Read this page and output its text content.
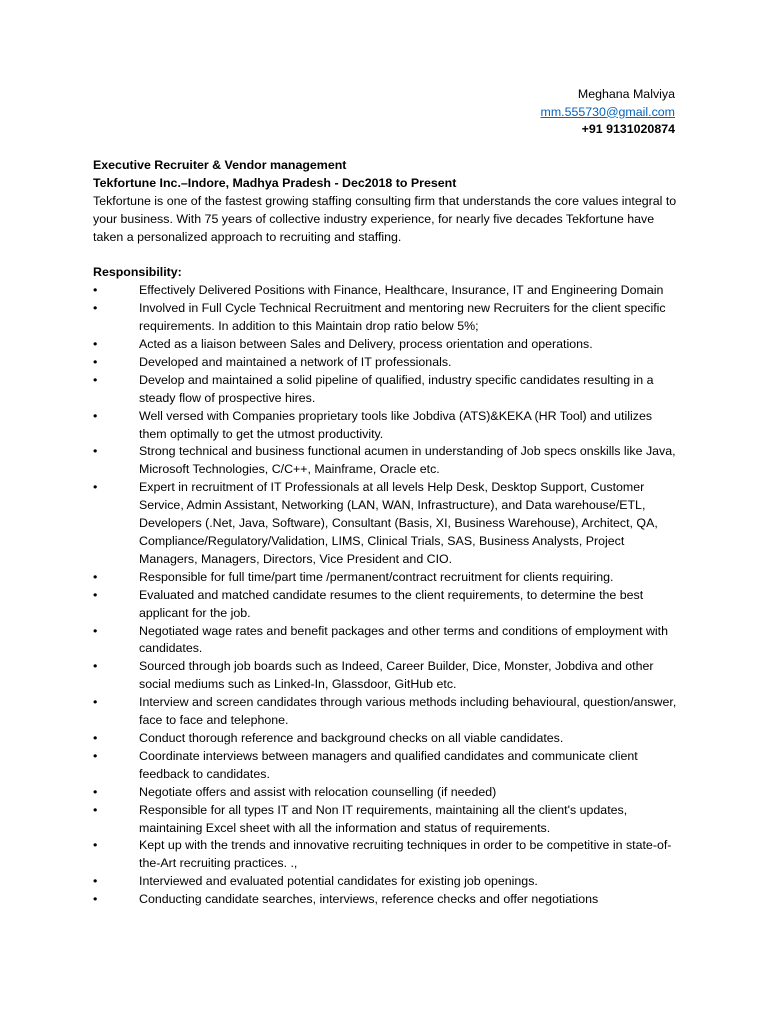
Meghana Malviya
mm.555730@gmail.com
+91 9131020874
Executive Recruiter & Vendor management
Tekfortune Inc.–Indore, Madhya Pradesh - Dec2018 to Present

Tekfortune is one of the fastest growing staffing consulting firm that understands the core values integral to your business. With 75 years of collective industry experience, for nearly five decades Tekfortune have taken a personalized approach to recruiting and staffing.

Responsibility:
•	Effectively Delivered Positions with Finance, Healthcare, Insurance, IT and Engineering Domain
•	Involved in Full Cycle Technical Recruitment and mentoring new Recruiters for the client specific requirements. In addition to this Maintain drop ratio below 5%;
•	Acted as a liaison between Sales and Delivery, process orientation and operations.
•	Developed and maintained a network of IT professionals.
•	Develop and maintained a solid pipeline of qualified, industry specific candidates resulting in a steady flow of prospective hires.
•	Well versed with Companies proprietary tools like Jobdiva (ATS)&KEKA (HR Tool) and utilizes them optimally to get the utmost productivity.
•	Strong technical and business functional acumen in understanding of Job specs onskills like Java, Microsoft Technologies, C/C++, Mainframe, Oracle etc.
•	Expert in recruitment of IT Professionals at all levels Help Desk, Desktop Support, Customer Service, Admin Assistant, Networking (LAN, WAN, Infrastructure), and Data warehouse/ETL, Developers (.Net, Java, Software), Consultant (Basis, XI, Business Warehouse), Architect, QA, Compliance/Regulatory/Validation, LIMS, Clinical Trials, SAS, Business Analysts, Project Managers, Managers, Directors, Vice President and CIO.
•	Responsible for full time/part time /permanent/contract recruitment for clients requiring.
•	Evaluated and matched candidate resumes to the client requirements, to determine the best applicant for the job.
•	Negotiated wage rates and benefit packages and other terms and conditions of employment with candidates.
•	Sourced through job boards such as Indeed, Career Builder, Dice, Monster, Jobdiva and other social mediums such as Linked-In, Glassdoor, GitHub etc.
•	Interview and screen candidates through various methods including behavioural, question/answer, face to face and telephone.
•	Conduct thorough reference and background checks on all viable candidates.
•	Coordinate interviews between managers and qualified candidates and communicate client feedback to candidates.
•	Negotiate offers and assist with relocation counselling (if needed)
•	Responsible for all types IT and Non IT requirements, maintaining all the client's updates, maintaining Excel sheet with all the information and status of requirements.
•	Kept up with the trends and innovative recruiting techniques in order to be competitive in state-of-the-Art recruiting practices. .,
•	Interviewed and evaluated potential candidates for existing job openings.
•	Conducting candidate searches, interviews, reference checks and offer negotiations
